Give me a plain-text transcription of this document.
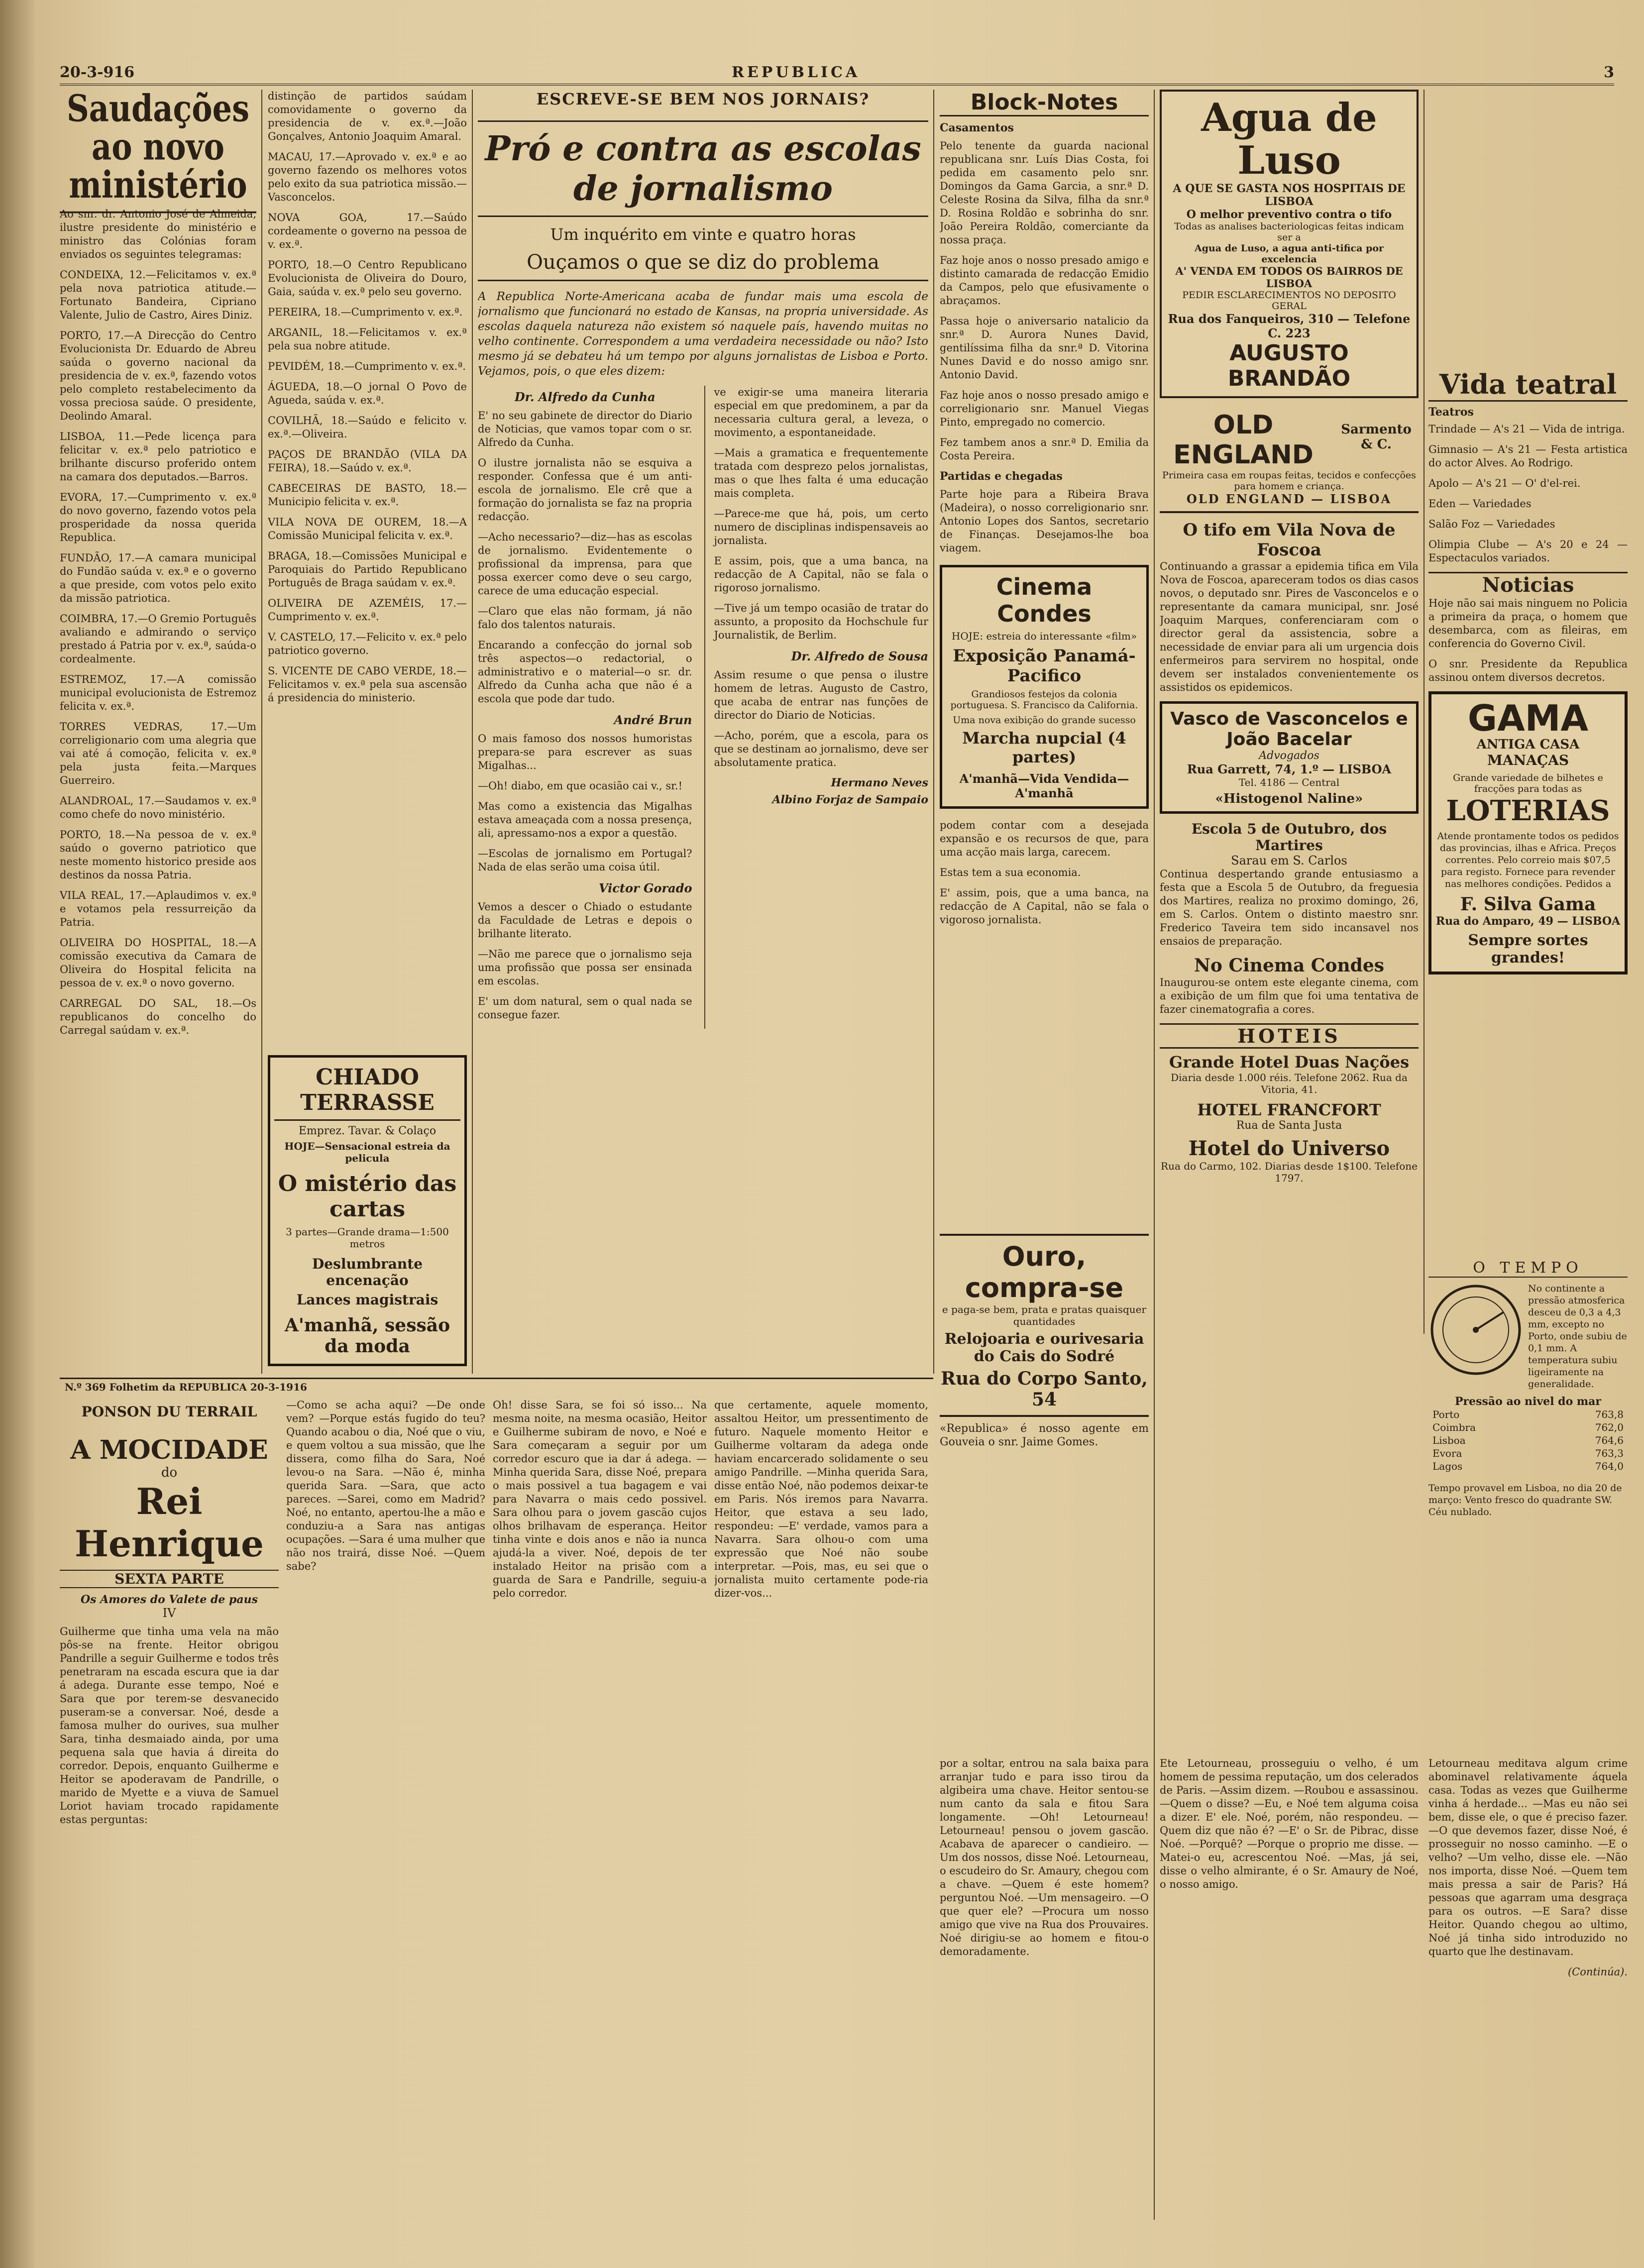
20-3-916	REPUBLICA	3
Saudações ao novo ministério

Ao snr. dr. Antonio José de Almeida, ilustre presidente do ministério e ministro das Colónias foram enviados os seguintes telegramas:

CONDEIXA, 12.—Felicitamos v. ex.ª pela nova patriotica atitude.—Fortunato Bandeira, Cipriano Valente, Julio de Castro, Aires Diniz.

PORTO, 17.—A Direcção do Centro Evolucionista Dr. Eduardo de Abreu saúda o governo nacional da presidencia de v. ex.ª, fazendo votos pelo completo restabelecimento da vossa preciosa saúde. O presidente, Deolindo Amaral.

LISBOA, 11.—Pede licença para felicitar v. ex.ª pelo patriotico e brilhante discurso proferido ontem na camara dos deputados.—Barros.

EVORA, 17.—Cumprimento v. ex.ª do novo governo, fazendo votos pela prosperidade da nossa querida Republica.

FUNDÃO, 17.—A camara municipal do Fundão saúda v. ex.ª e o governo a que preside, com votos pelo exito da missão patriotica.

COIMBRA, 17.—O Gremio Português avaliando e admirando o serviço prestado á Patria por v. ex.ª, saúda-o cordealmente.

ESTREMOZ, 17.—A comissão municipal evolucionista de Estremoz felicita v. ex.ª.

TORRES VEDRAS, 17.—Um correligionario com uma alegria que vai até á comoção, felicita v. ex.ª pela justa feita.—Marques Guerreiro.

ALANDROAL, 17.—Saudamos v. ex.ª como chefe do novo ministério.

PORTO, 18.—Na pessoa de v. ex.ª saúdo o governo patriotico que neste momento historico preside aos destinos da nossa Patria.

VILA REAL, 17.—Aplaudimos v. ex.ª e votamos pela ressurreição da Patria.

OLIVEIRA DO HOSPITAL, 18.—A comissão executiva da Camara de Oliveira do Hospital felicita na pessoa de v. ex.ª o novo governo.

CARREGAL DO SAL, 18.—Os republicanos do concelho do Carregal saúdam v. ex.ª.

distinção de partidos saúdam comovidamente o governo da presidencia de v. ex.ª.—João Gonçalves, Antonio Joaquim Amaral.

MACAU, 17.—Aprovado v. ex.ª e ao governo fazendo os melhores votos pelo exito da sua patriotica missão.—Vasconcelos.

NOVA GOA, 17.—Saúdo cordeamente o governo na pessoa de v. ex.ª.

PORTO, 18.—O Centro Republicano Evolucionista de Oliveira do Douro, Gaia, saúda v. ex.ª pelo seu governo.

PEREIRA, 18.—Cumprimento v. ex.ª.

ARGANIL, 18.—Felicitamos v. ex.ª pela sua nobre atitude.

PEVIDÉM, 18.—Cumprimento v. ex.ª.

ÁGUEDA, 18.—O jornal O Povo de Agueda, saúda v. ex.ª.

COVILHÃ, 18.—Saúdo e felicito v. ex.ª.—Oliveira.

PAÇOS DE BRANDÃO (VILA DA FEIRA), 18.—Saúdo v. ex.ª.

CABECEIRAS DE BASTO, 18.—Municipio felicita v. ex.ª.

VILA NOVA DE OUREM, 18.—A Comissão Municipal felicita v. ex.ª.

BRAGA, 18.—Comissões Municipal e Paroquiais do Partido Republicano Português de Braga saúdam v. ex.ª.

OLIVEIRA DE AZEMÉIS, 17.—Cumprimento v. ex.ª.

V. CASTELO, 17.—Felicito v. ex.ª pelo patriotico governo.

S. VICENTE DE CABO VERDE, 18.—Felicitamos v. ex.ª pela sua ascensão á presidencia do ministerio.

CHIADO TERRASSE
Emprez. Tavar. & Colaço
HOJE—Sensacional estreia da pelicula
O mistério das cartas
3 partes—Grande drama—1:500 metros
Deslumbrante encenação
Lances magistrais
A'manhã, sessão da moda
ESCREVE-SE BEM NOS JORNAIS?
Pró e contra as escolas de jornalismo
Um inquérito em vinte e quatro horas
Ouçamos o que se diz do problema

A Republica Norte-Americana acaba de fundar mais uma escola de jornalismo que funcionará no estado de Kansas, na propria universidade. As escolas daquela natureza não existem só naquele país, havendo muitas no velho continente. Correspondem a uma verdadeira necessidade ou não? Isto mesmo já se debateu há um tempo por alguns jornalistas de Lisboa e Porto. Vejamos, pois, o que eles dizem:

Dr. Alfredo da Cunha

E' no seu gabinete de director do Diario de Noticias, que vamos topar com o sr. Alfredo da Cunha.

O ilustre jornalista não se esquiva a responder. Confessa que é um anti-escola de jornalismo. Ele crê que a formação do jornalista se faz na propria redacção.

—Acho necessario?—diz—has as escolas de jornalismo. Evidentemente o profissional da imprensa, para que possa exercer como deve o seu cargo, carece de uma educação especial.

—Claro que elas não formam, já não falo dos talentos naturais.

Encarando a confecção do jornal sob três aspectos—o redactorial, o administrativo e o material—o sr. dr. Alfredo da Cunha acha que não é a escola que pode dar tudo.

André Brun

O mais famoso dos nossos humoristas prepara-se para escrever as suas Migalhas...

—Oh! diabo, em que ocasião cai v., sr.!

Mas como a existencia das Migalhas estava ameaçada com a nossa presença, ali, apressamo-nos a expor a questão.

—Escolas de jornalismo em Portugal? Nada de elas serão uma coisa útil.

Victor Gorado

Vemos a descer o Chiado o estudante da Faculdade de Letras e depois o brilhante literato.

—Não me parece que o jornalismo seja uma profissão que possa ser ensinada em escolas.

E' um dom natural, sem o qual nada se consegue fazer.

ve exigir-se uma maneira literaria especial em que predominem, a par da necessaria cultura geral, a leveza, o movimento, a espontaneidade.

—Mais a gramatica e frequentemente tratada com desprezo pelos jornalistas, mas o que lhes falta é uma educação mais completa.

—Parece-me que há, pois, um certo numero de disciplinas indispensaveis ao jornalista.

E assim, pois, que a uma banca, na redacção de A Capital, não se fala o rigoroso jornalismo.

—Tive já um tempo ocasião de tratar do assunto, a proposito da Hochschule fur Journalistik, de Berlim.

Dr. Alfredo de Sousa

Assim resume o que pensa o ilustre homem de letras. Augusto de Castro, que acaba de entrar nas funções de director do Diario de Noticias.

—Acho, porém, que a escola, para os que se destinam ao jornalismo, deve ser absolutamente pratica.

Hermano Neves
Albino Forjaz de Sampaio
Block-Notes
Casamentos

Pelo tenente da guarda nacional republicana snr. Luís Dias Costa, foi pedida em casamento pelo snr. Domingos da Gama Garcia, a snr.ª D. Celeste Rosina da Silva, filha da snr.ª D. Rosina Roldão e sobrinha do snr. João Pereira Roldão, comerciante da nossa praça.

Faz hoje anos o nosso presado amigo e distinto camarada de redacção Emidio da Campos, pelo que efusivamente o abraçamos.

Passa hoje o aniversario natalicio da snr.ª D. Aurora Nunes David, gentilíssima filha da snr.ª D. Vitorina Nunes David e do nosso amigo snr. Antonio David.

Faz hoje anos o nosso presado amigo e correligionario snr. Manuel Viegas Pinto, empregado no comercio.

Fez tambem anos a snr.ª D. Emilia da Costa Pereira.

Partidas e chegadas

Parte hoje para a Ribeira Brava (Madeira), o nosso correligionario snr. Antonio Lopes dos Santos, secretario de Finanças. Desejamos-lhe boa viagem.

Cinema Condes
HOJE: estreia do interessante «film»
Exposição Panamá-Pacifico
Grandiosos festejos da colonia portuguesa. S. Francisco da California.
Uma nova exibição do grande sucesso
Marcha nupcial (4 partes)
A'manhã—Vida Vendida—A'manhã

podem contar com a desejada expansão e os recursos de que, para uma acção mais larga, carecem.

Estas tem a sua economia.

E' assim, pois, que a uma banca, na redacção de A Capital, não se fala o vigoroso jornalista.

Ouro, compra-se
e paga-se bem, prata e pratas quaisquer quantidades
Relojoaria e ourivesaria do Cais do Sodré
Rua do Corpo Santo, 54

«Republica» é nosso agente em Gouveia o snr. Jaime Gomes.

Agua de Luso
A QUE SE GASTA NOS HOSPITAIS DE LISBOA
O melhor preventivo contra o tifo
Todas as analises bacteriologicas feitas indicam ser a
Agua de Luso, a agua anti-tifica por excelencia
A' VENDA EM TODOS OS BAIRROS DE LISBOA
PEDIR ESCLARECIMENTOS NO DEPOSITO GERAL
Rua dos Fanqueiros, 310 — Telefone C. 223
AUGUSTO BRANDÃO
OLD ENGLAND
Sarmento & C.
Primeira casa em roupas feitas, tecidos e confecções para homem e criança.
OLD ENGLAND — LISBOA
O tifo em Vila Nova de Foscoa

Continuando a grassar a epidemia tifica em Vila Nova de Foscoa, apareceram todos os dias casos novos, o deputado snr. Pires de Vasconcelos e o representante da camara municipal, snr. José Joaquim Marques, conferenciaram com o director geral da assistencia, sobre a necessidade de enviar para ali um urgencia dois enfermeiros para servirem no hospital, onde devem ser instalados convenientemente os assistidos os epidemicos.

Vasco de Vasconcelos e João Bacelar
Advogados
Rua Garrett, 74, 1.º — LISBOA
Tel. 4186 — Central
«Histogenol Naline»
Escola 5 de Outubro, dos Martires
Sarau em S. Carlos

Continua despertando grande entusiasmo a festa que a Escola 5 de Outubro, da freguesia dos Martires, realiza no proximo domingo, 26, em S. Carlos. Ontem o distinto maestro snr. Frederico Taveira tem sido incansavel nos ensaios de preparação.

No Cinema Condes

Inaugurou-se ontem este elegante cinema, com a exibição de um film que foi uma tentativa de fazer cinematografia a cores.

HOTEIS
Grande Hotel Duas Nações
Diaria desde 1.000 réis. Telefone 2062. Rua da Vitoria, 41.
HOTEL FRANCFORT
Rua de Santa Justa
Hotel do Universo
Rua do Carmo, 102. Diarias desde 1$100. Telefone 1797.
Vida teatral
Teatros

Trindade — A's 21 — Vida de intriga.

Gimnasio — A's 21 — Festa artistica do actor Alves. Ao Rodrigo.

Apolo — A's 21 — O' d'el-rei.

Eden — Variedades

Salão Foz — Variedades

Olimpia Clube — A's 20 e 24 — Espectaculos variados.

Noticias

Hoje não sai mais ninguem no Policia a primeira da praça, o homem que desembarca, com as fileiras, em conferencia do Governo Civil.

O snr. Presidente da Republica assinou ontem diversos decretos.

GAMA
ANTIGA CASA
MANAÇAS
Grande variedade de bilhetes e fracções para todas as
LOTERIAS
Atende prontamente todos os pedidos das provincias, ilhas e Africa. Preços correntes. Pelo correio mais $07,5 para registo. Fornece para revender nas melhores condições. Pedidos a
F. Silva Gama
Rua do Amparo, 49 — LISBOA
Sempre sortes grandes!
O TEMPO

No continente a pressão atmosferica desceu de 0,3 a 4,3 mm, excepto no Porto, onde subiu de 0,1 mm. A temperatura subiu ligeiramente na generalidade.

Pressão ao nivel do mar
Porto	763,8
Coimbra	762,0
Lisboa	764,6
Evora	763,3
Lagos	764,0

Tempo provavel em Lisboa, no dia 20 de março: Vento fresco do quadrante SW. Céu nublado.

N.º 369 Folhetim da REPUBLICA 20-3-1916
PONSON DU TERRAIL
A MOCIDADE
do
Rei Henrique
SEXTA PARTE
Os Amores do Valete de paus
IV

Guilherme que tinha uma vela na mão pôs-se na frente. Heitor obrigou Pandrille a seguir Guilherme e todos três penetraram na escada escura que ia dar á adega. Durante esse tempo, Noé e Sara que por terem-se desvanecido puseram-se a conversar. Noé, desde a famosa mulher do ourives, sua mulher Sara, tinha desmaiado ainda, por uma pequena sala que havia á direita do corredor. Depois, enquanto Guilherme e Heitor se apoderavam de Pandrille, o marido de Myette e a viuva de Samuel Loriot haviam trocado rapidamente estas perguntas:

—Como se acha aqui? —De onde vem? —Porque estás fugido do teu? Quando acabou o dia, Noé que o viu, e quem voltou a sua missão, que lhe dissera, como filha do Sara, Noé levou-o na Sara. —Não é, minha querida Sara. —Sara, que acto pareces. —Sarei, como em Madrid? Noé, no entanto, apertou-lhe a mão e conduziu-a a Sara nas antigas ocupações. —Sara é uma mulher que não nos trairá, disse Noé. —Quem sabe?

Oh! disse Sara, se foi só isso... Na mesma noite, na mesma ocasião, Heitor e Guilherme subiram de novo, e Noé e Sara começaram a seguir por um corredor escuro que ia dar á adega. —Minha querida Sara, disse Noé, prepara o mais possivel a tua bagagem e vai para Navarra o mais cedo possivel. Sara olhou para o jovem gascão cujos olhos brilhavam de esperança. Heitor tinha vinte e dois anos e não ia nunca ajudá-la a viver. Noé, depois de ter instalado Heitor na prisão com a guarda de Sara e Pandrille, seguiu-a pelo corredor.

que certamente, aquele momento, assaltou Heitor, um pressentimento de futuro. Naquele momento Heitor e Guilherme voltaram da adega onde haviam encarcerado solidamente o seu amigo Pandrille. —Minha querida Sara, disse então Noé, não podemos deixar-te em Paris. Nós iremos para Navarra. Heitor, que estava a seu lado, respondeu: —E' verdade, vamos para a Navarra. Sara olhou-o com uma expressão que Noé não soube interpretar. —Pois, mas, eu sei que o jornalista muito certamente pode-ria dizer-vos...

por a soltar, entrou na sala baixa para arranjar tudo e para isso tirou da algibeira uma chave. Heitor sentou-se num canto da sala e fitou Sara longamente. —Oh! Letourneau! Letourneau! pensou o jovem gascão. Acabava de aparecer o candieiro. —Um dos nossos, disse Noé. Letourneau, o escudeiro do Sr. Amaury, chegou com a chave. —Quem é este homem? perguntou Noé. —Um mensageiro. —O que quer ele? —Procura um nosso amigo que vive na Rua dos Prouvaires. Noé dirigiu-se ao homem e fitou-o demoradamente.

Ete Letourneau, prosseguiu o velho, é um homem de pessima reputação, um dos celerados de Paris. —Assim dizem. —Roubou e assassinou. —Quem o disse? —Eu, e Noé tem alguma coisa a dizer. E' ele. Noé, porém, não respondeu. —Quem diz que não é? —E' o Sr. de Pibrac, disse Noé. —Porquê? —Porque o proprio me disse. —Matei-o eu, acrescentou Noé. —Mas, já sei, disse o velho almirante, é o Sr. Amaury de Noé, o nosso amigo.

Letourneau meditava algum crime abominavel relativamente áquela casa. Todas as vezes que Guilherme vinha á herdade... —Mas eu não sei bem, disse ele, o que é preciso fazer. —O que devemos fazer, disse Noé, é prosseguir no nosso caminho. —E o velho? —Um velho, disse ele. —Não nos importa, disse Noé. —Quem tem mais pressa a sair de Paris? Há pessoas que agarram uma desgraça para os outros. —E Sara? disse Heitor. Quando chegou ao ultimo, Noé já tinha sido introduzido no quarto que lhe destinavam.

(Continúa).
